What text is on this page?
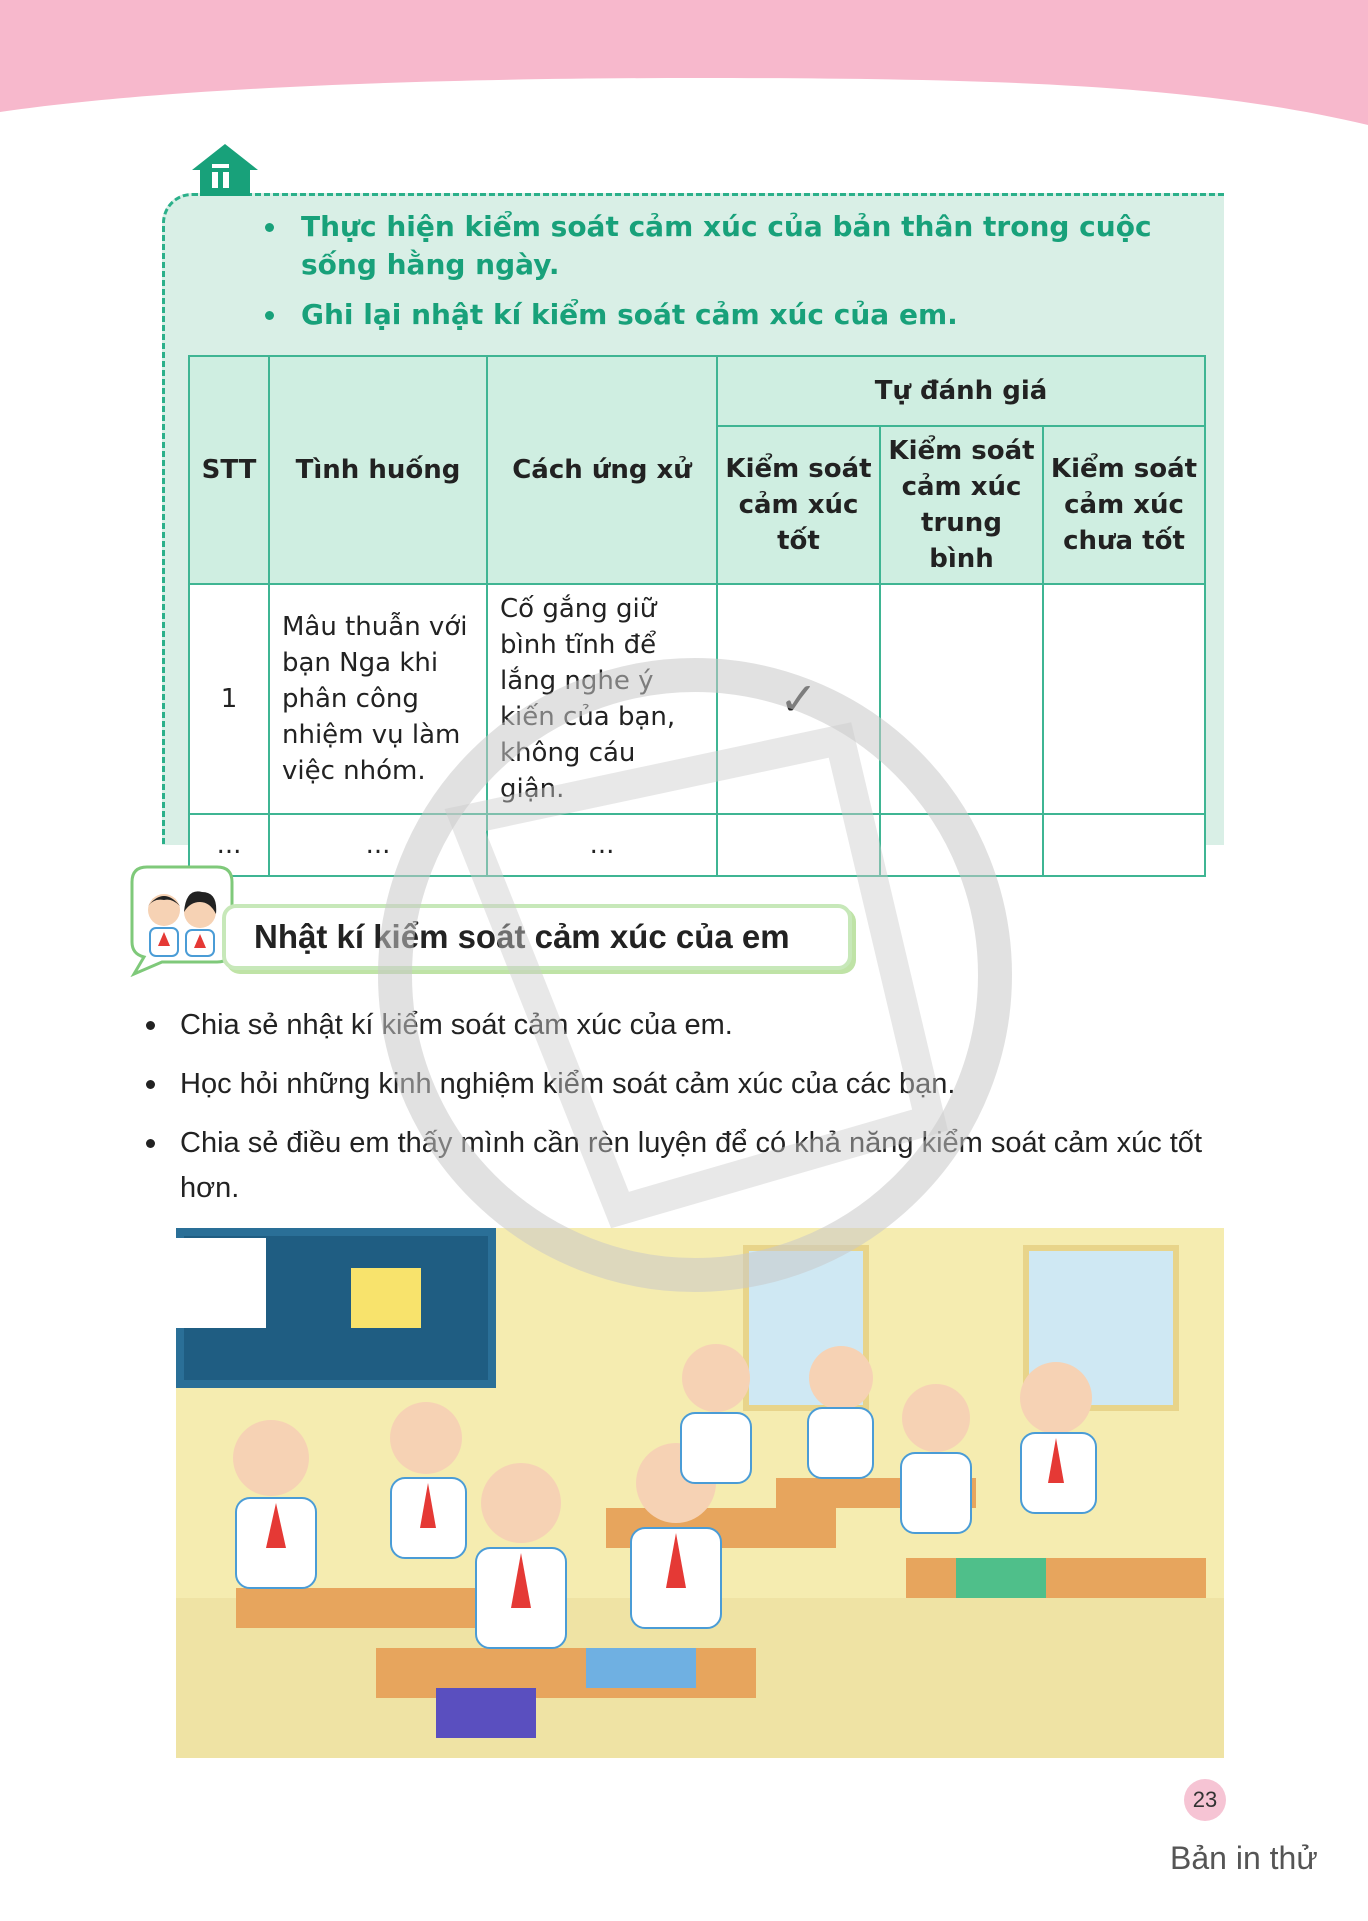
Thực hiện kiểm soát cảm xúc của bản thân trong cuộc sống hằng ngày.
Ghi lại nhật kí kiểm soát cảm xúc của em.
STT	Tình huống	Cách ứng xử	Tự đánh giá		
			Kiểm soát cảm xúc tốt	Kiểm soát cảm xúc trung bình	Kiểm soát cảm xúc chưa tốt
1	Mâu thuẫn với bạn Nga khi phân công nhiệm vụ làm việc nhóm.	Cố gắng giữ bình tĩnh để lắng nghe ý kiến của bạn, không cáu giận.	✓		
...	...	...			
Nhật kí kiểm soát cảm xúc của em
Chia sẻ nhật kí kiểm soát cảm xúc của em.
Học hỏi những kinh nghiệm kiểm soát cảm xúc của các bạn.
Chia sẻ điều em thấy mình cần rèn luyện để có khả năng kiểm soát cảm xúc tốt hơn.
23
Bản in thử
